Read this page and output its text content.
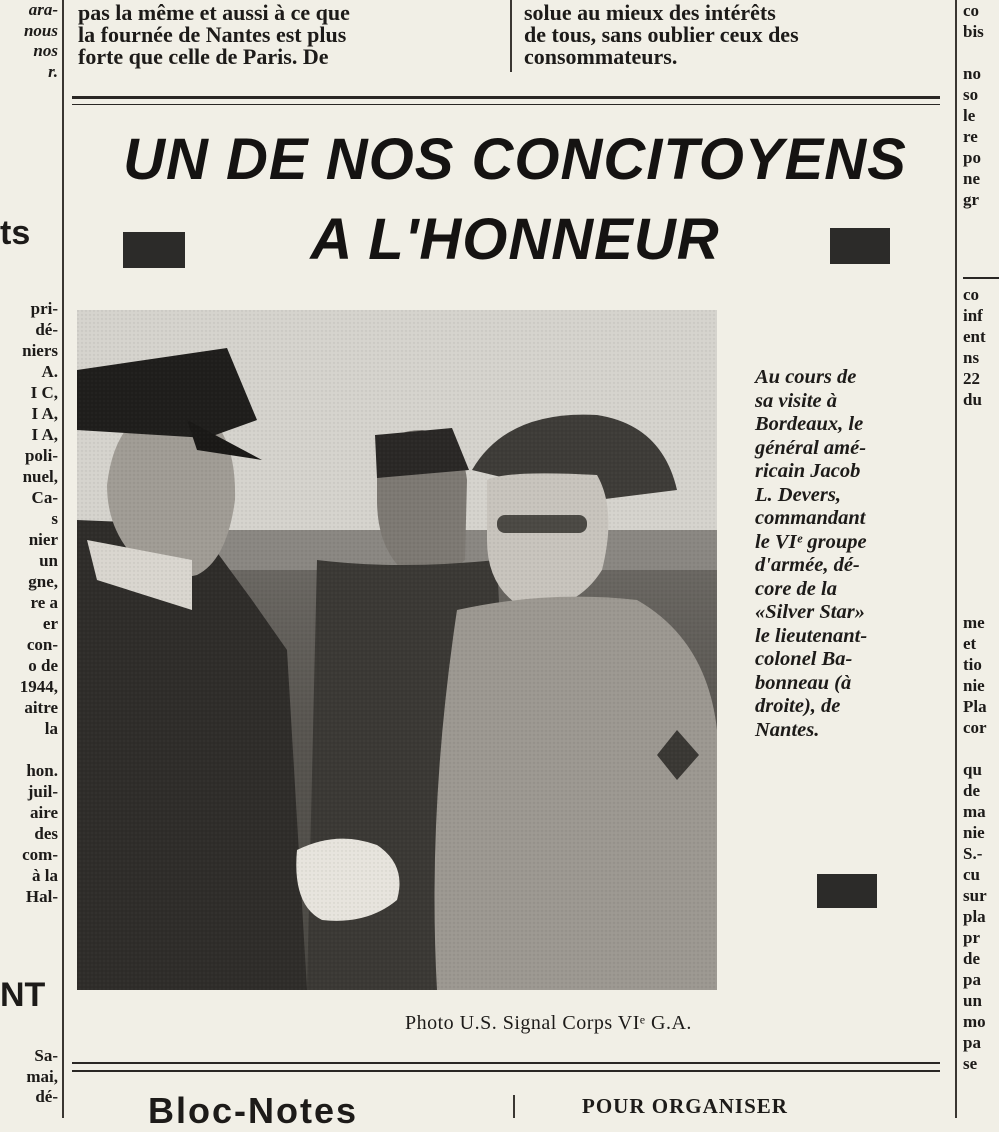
pas la même et aussi à ce que
la fournée de Nantes est plus
forte que celle de Paris. De
solue au mieux des intérêts
de tous, sans oublier ceux des
consommateurs.
ara-
nous
nos
r.
ts
pri-
dé-
niers
A.
I C,
I A,
I A,
poli-
nuel,
Ca-
s
nier
un
gne,
re a
er
con-
o de
1944,
aitre
la

hon.
juil-
aire
des
com-
à la
Hal-
NT
Sa-
mai,
dé-
co
bis

no
so
le
re
po
ne
gr
co
inf
ent
ns
22
du
me
et
tio
nie
Pla
cor

qu
de
ma
nie
S.-
cu
sur
pla
pr
de
pa
un
mo
pa
se
UN DE NOS CONCITOYENS
A L'HONNEUR
Au cours de
sa visite à
Bordeaux, le
général amé-
ricain Jacob
L. Devers,
commandant
le VIᵉ groupe
d'armée, dé-
core de la
«Silver Star»
le lieutenant-
colonel Ba-
bonneau (à
droite), de
Nantes.
Photo U.S. Signal Corps VIᵉ G.A.
Bloc-Notes	POUR ORGANISER
